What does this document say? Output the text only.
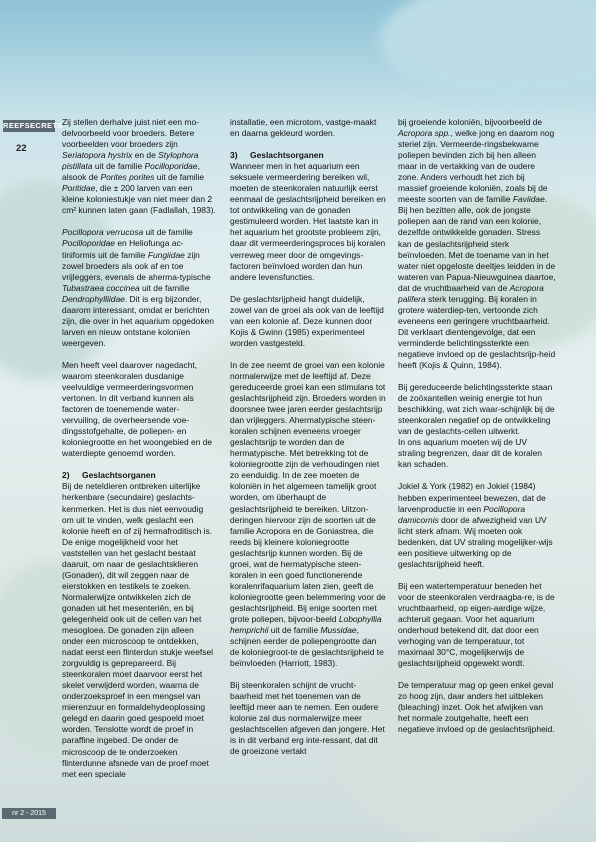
REEFSECRETS
22
nr 2 - 2015

Zij stellen derhalve juist niet een mo-delvoorbeeld voor broeders. Betere voorbeelden voor broeders zijn Seriatopora hystrix en de Stylophora pistillata uit de familie Pocilloporidae, alsook de Porites porites uit de familie Poritidae, die ± 200 larven van een kleine koloniestukje van niet meer dan 2 cm² kunnen laten gaan (Fadlallah, 1983).

Pocillopora verrucosa uit de familie Pocilloporidae en Heliofunga ac-tiniformis uit de familie Fungiidae zijn zowel broeders als ook af en toe vrijleggers, evenals de aherma-typische Tubastraea coccinea uit de familie Dendrophylliidae. Dit is erg bijzonder, daarom interessant, omdat er berichten zijn, die over in het aquarium opgedoken larven en nieuw ontstane kolonïen weergeven.

Men heeft veel daarover nagedacht, waarom steenkoralen dusdanige veelvuldige vermeerderingsvormen vertonen. In dit verband kunnen als factoren de toenemende water-vervuiling, de overheersende voe-dingsstofgehalte, de poliepen- en koloniegrootte en het woongebied en de waterdiepte genoemd worden.

2) Geslachtsorganen

Bij de neteldieren ontbreken uiterlijke herkenbare (secundaire) geslachts-kenmerken. Het is dus niet eenvoudig om uit te vinden, welk geslacht een kolonie heeft en of zij hermafroditisch is. De enige mogelijkheid voor het vaststellen van het geslacht bestaat daaruit, om naar de geslachtsklieren (Gonaden), dit wil zeggen naar de eierstokken en testikels te zoeken. Normalerwijze ontwikkelen zich de gonaden uit het mesenteriën, en bij gelegenheid ook uit de cellen van het mesogloea. De gonaden zijn alleen onder een microscoop te ontdekken, nadat eerst een flinterdun stukje weefsel zorgvuldig is geprepareerd. Bij steenkoralen moet daarvoor eerst het skelet verwijderd worden, waarna de onderzoeksproef in een mengsel van mierenzuur en formaldehydeoplossing gelegd en daarin goed gespoeld moet worden. Tenslotte wordt de proef in paraffine ingebed. De onder de microscoop de te onderzoeken flinterdunne afsnede van de proef moet met een speciale

installatie, een microtom, vastge-maakt en daarna gekleurd worden.

3) Geslachtsorganen

Wanneer men in het aquarium een seksuele vermeerdering bereiken wil, moeten de steenkoralen natuurlijk eerst eenmaal de geslachtsrijpheid bereiken en tot ontwikkeling van de gonaden gestimuleerd worden. Het laatste kan in het aquarium het grootste probleem zijn, daar dit vermeerderingsproces bij koralen verreweg meer door de omgevings-factoren beïnvloed worden dan hun andere levensfuncties.

De geslachtsrijpheid hangt duidelijk, zowel van de groei als ook van de leeftijd van een kolonie af. Deze kunnen door Kojis & Gwinn (1985) experimenteel worden vastgesteld.

In de zee neemt de groei van een kolonie normalerwijze met de leeftijd af. Deze gereduceerde groei kan een stimulans tot geslachtsrijpheid zijn. Broeders worden in doorsnee twee jaren eerder geslachtsrijp dan vrijleggers. Ahermatypische steen-koralen schijnen eveneens vroeger geslachtsrijp te worden dan de hermatypische. Met betrekking tot de koloniegrootte zijn de verhoudingen niet zo eenduidig. In de zee moeten de koloniën in het algemeen tamelijk groot worden, om überhaupt de geslachtsrijpheid te bereiken. Uitzon-deringen hiervoor zijn de soorten uit de familie Acropora en de Goniastrea, die reeds bij kleinere koloniegrootte geslachtsrijp kunnen worden. Bij de groei, wat de hermatypische steen-koralen in een goed functionerende koralenrifaquarium laten zien, geeft de koloniegrootte geen belemmering voor de geslachtsrijpheid. Bij enige soorten met grote poliepen, bijvoor-beeld Lobophyllia hemprichii uit de familie Mussidae, schijnen eerder de poliepengrootte dan de koloniegroot-te de geslachtsrijpheid te beïnvloeden (Harriott, 1983).

Bij steenkoralen schijnt de vrucht-baarheid met het toenemen van de leeftijd meer aan te nemen. Een oudere kolonie zal dus normalerwijze meer geslachtscellen afgeven dan jongere. Het is in dit verband erg inte-ressant, dat dit de groeizone vertakt

bij groeiende koloniën, bijvoorbeeld de Acropora spp., welke jong en daarom nog steriel zijn. Vermeerde-ringsbekwame poliepen bevinden zich bij hen alleen maar in de vertakking van de oudere zone. Anders verhoudt het zich bij massief groeiende koloniën, zoals bij de meeste soorten van de familie Faviidae. Bij hen bezitten alle, ook de jongste poliepen aan de rand van een kolonie, dezelfde ontwikkelde gonaden. Stress kan de geslachtsrijpheid sterk beïnvloeden. Met de toename van in het water niet opgeloste deeltjes leidden in de wateren van Papua-Nieuwguinea daartoe, dat de vruchtbaarheid van de Acropora palifera sterk terugging. Bij koralen in grotere waterdiep-ten, vertoonde zich eveneens een geringere vruchtbaarheid. Dit verklaart dientengevolge, dat een verminderde belichtingssterkte een negatieve invloed op de geslachtsrijp-heid heeft (Kojis & Quinn, 1984).

Bij gereduceerde belichtingssterkte staan de zoöxantellen weinig energie tot hun beschikking, wat zich waar-schijnlijk bij de steenkoralen negatief op de ontwikkeling van de geslachts-cellen uitwerkt.
In ons aquarium moeten wij de UV straling begrenzen, daar dit de koralen kan schaden.

Jokiel & York (1982) en Jokiel (1984) hebben experimenteel bewezen, dat de larvenproductie in een Pocillopora damicornis door de afwezigheid van UV licht sterk afnam. Wij moeten ook bedenken, dat UV straling mogelijker-wijs een positieve uitwerking op de geslachtsrijpheid heeft.

Bij een watertemperatuur beneden het voor de steenkoralen verdraagba-re, is de vruchtbaarheid, op eigen-aardige wijze, achteruit gegaan. Voor het aquarium onderhoud betekend dit, dat door een verhoging van de temperatuur, tot maximaal 30°C, mogelijkerwijs de geslachtsrijpheid opgewekt wordt.

De temperatuur mag op geen enkel geval zo hoog zijn, daar anders het uitbleken (bleaching) inzet. Ook het afwijken van het normale zoutgehalte, heeft een negatieve invloed op de geslachtsrijpheid.
